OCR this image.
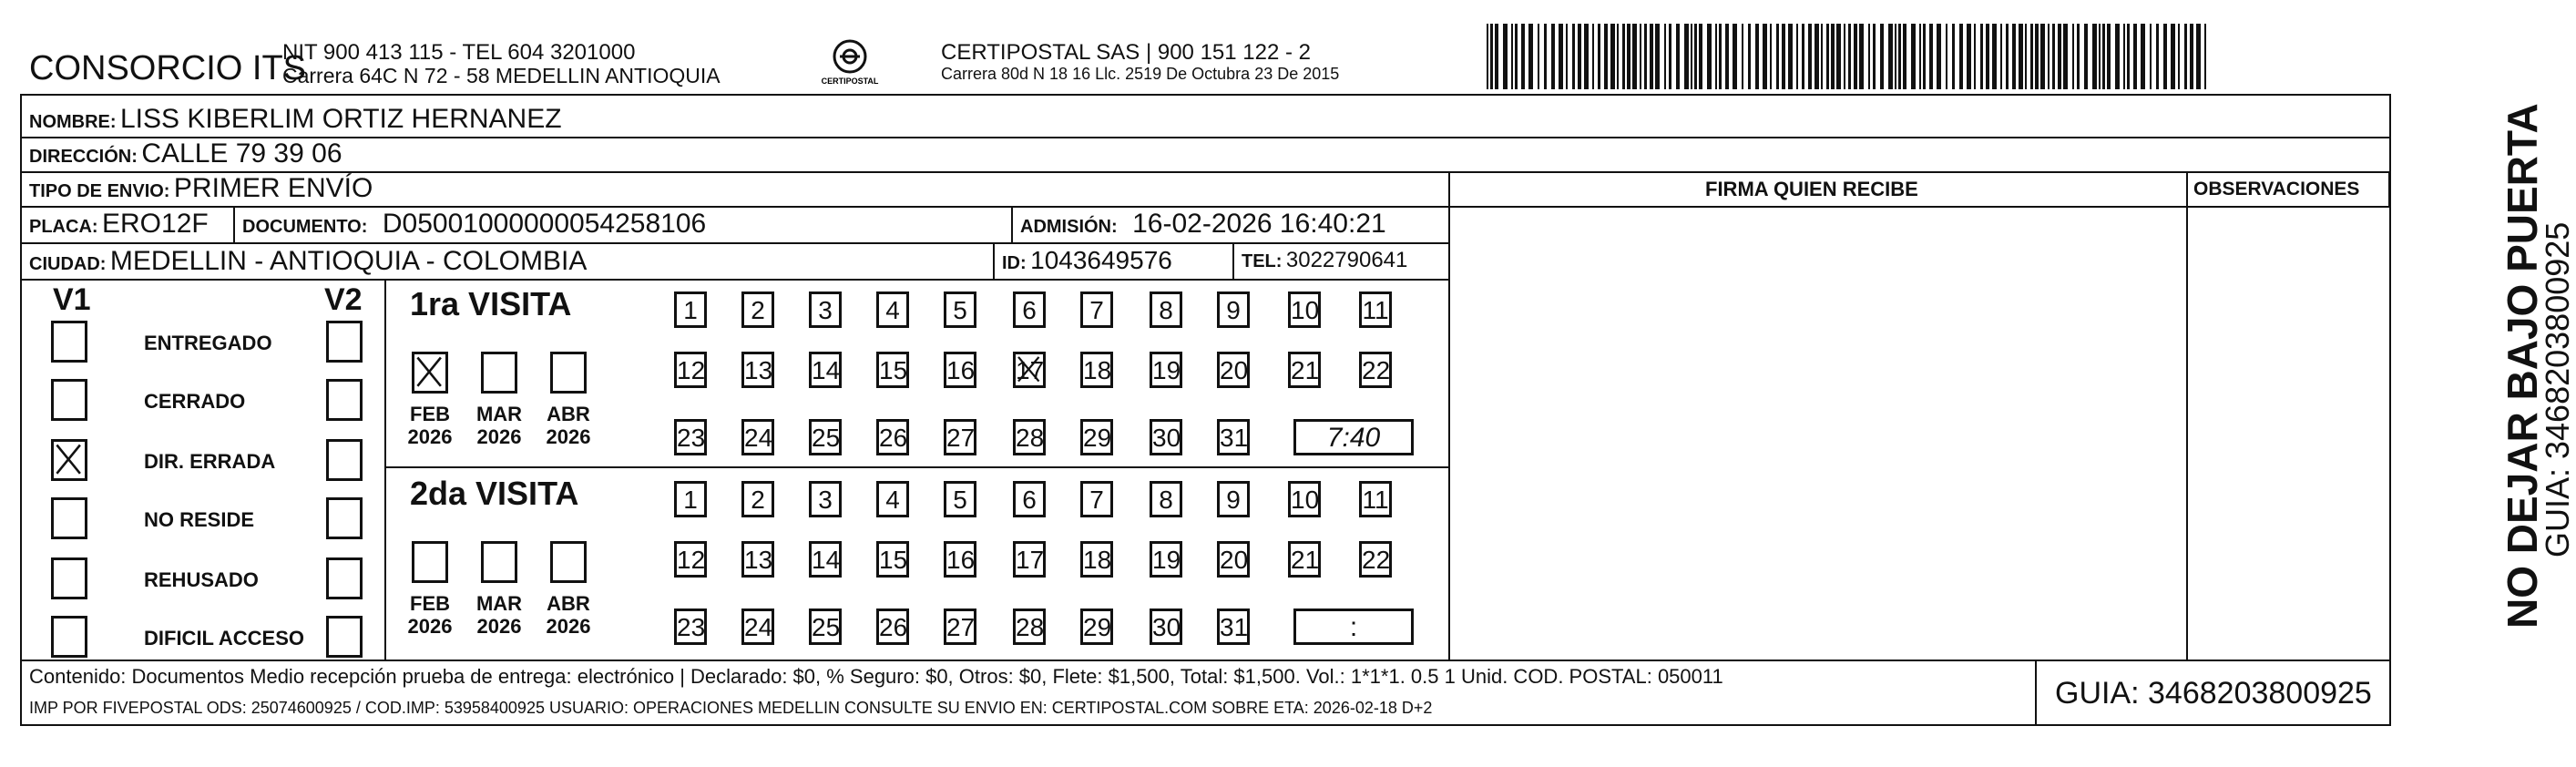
CONSORCIO ITS
NIT 900 413 115 - TEL 604 3201000
Carrera 64C N 72 - 58 MEDELLIN ANTIOQUIA	CERTIPOSTAL
CERTIPOSTAL SAS | 900 151 122 - 2
Carrera 80d N 18 16 Llc. 2519 De Octubra 23 De 2015
NOMBRE: LISS KIBERLIM ORTIZ HERNANEZ
DIRECCIÓN: CALLE 79 39 06
TIPO DE ENVIO: PRIMER ENVÍO
PLACA: ERO12F DOCUMENTO: D05001000000054258106	ADMISIÓN: 16-02-2026 16:40:21
CIUDAD: MEDELLIN - ANTIOQUIA - COLOMBIA	ID: 1043649576	TEL: 3022790641
FIRMA QUIEN RECIBE	OBSERVACIONES
V1	V2
ENTREGADO
CERRADO
DIR. ERRADA
NO RESIDE
REHUSADO
DIFICIL ACCESO
1ra VISITA
FEB
2026
MAR
2026
ABR
2026
1	2	3	4	5	6	7	8	9	10 11
12 13 14 15 16 17 18 19 20 21 22
23 24 25 26 27 28 29 30 31	7:40
2da VISITA
FEB
2026
MAR
2026
ABR
2026
1	2	3	4	5	6	7	8	9	10 11
12 13 14 15 16 17 18 19 20 21 22
23 24 25 26 27 28 29 30 31	:
Contenido: Documentos Medio recepción prueba de entrega: electrónico | Declarado: $0, % Seguro: $0, Otros: $0, Flete: $1,500, Total: $1,500. Vol.: 1*1*1. 0.5 1 Unid. COD. POSTAL: 050011
IMP POR FIVEPOSTAL ODS: 25074600925 / COD.IMP: 53958400925 USUARIO: OPERACIONES MEDELLIN CONSULTE SU ENVIO EN: CERTIPOSTAL.COM SOBRE ETA: 2026-02-18 D+2	GUIA: 3468203800925
NO DEJAR BAJO PUERTA
GUIA: 3468203800925
